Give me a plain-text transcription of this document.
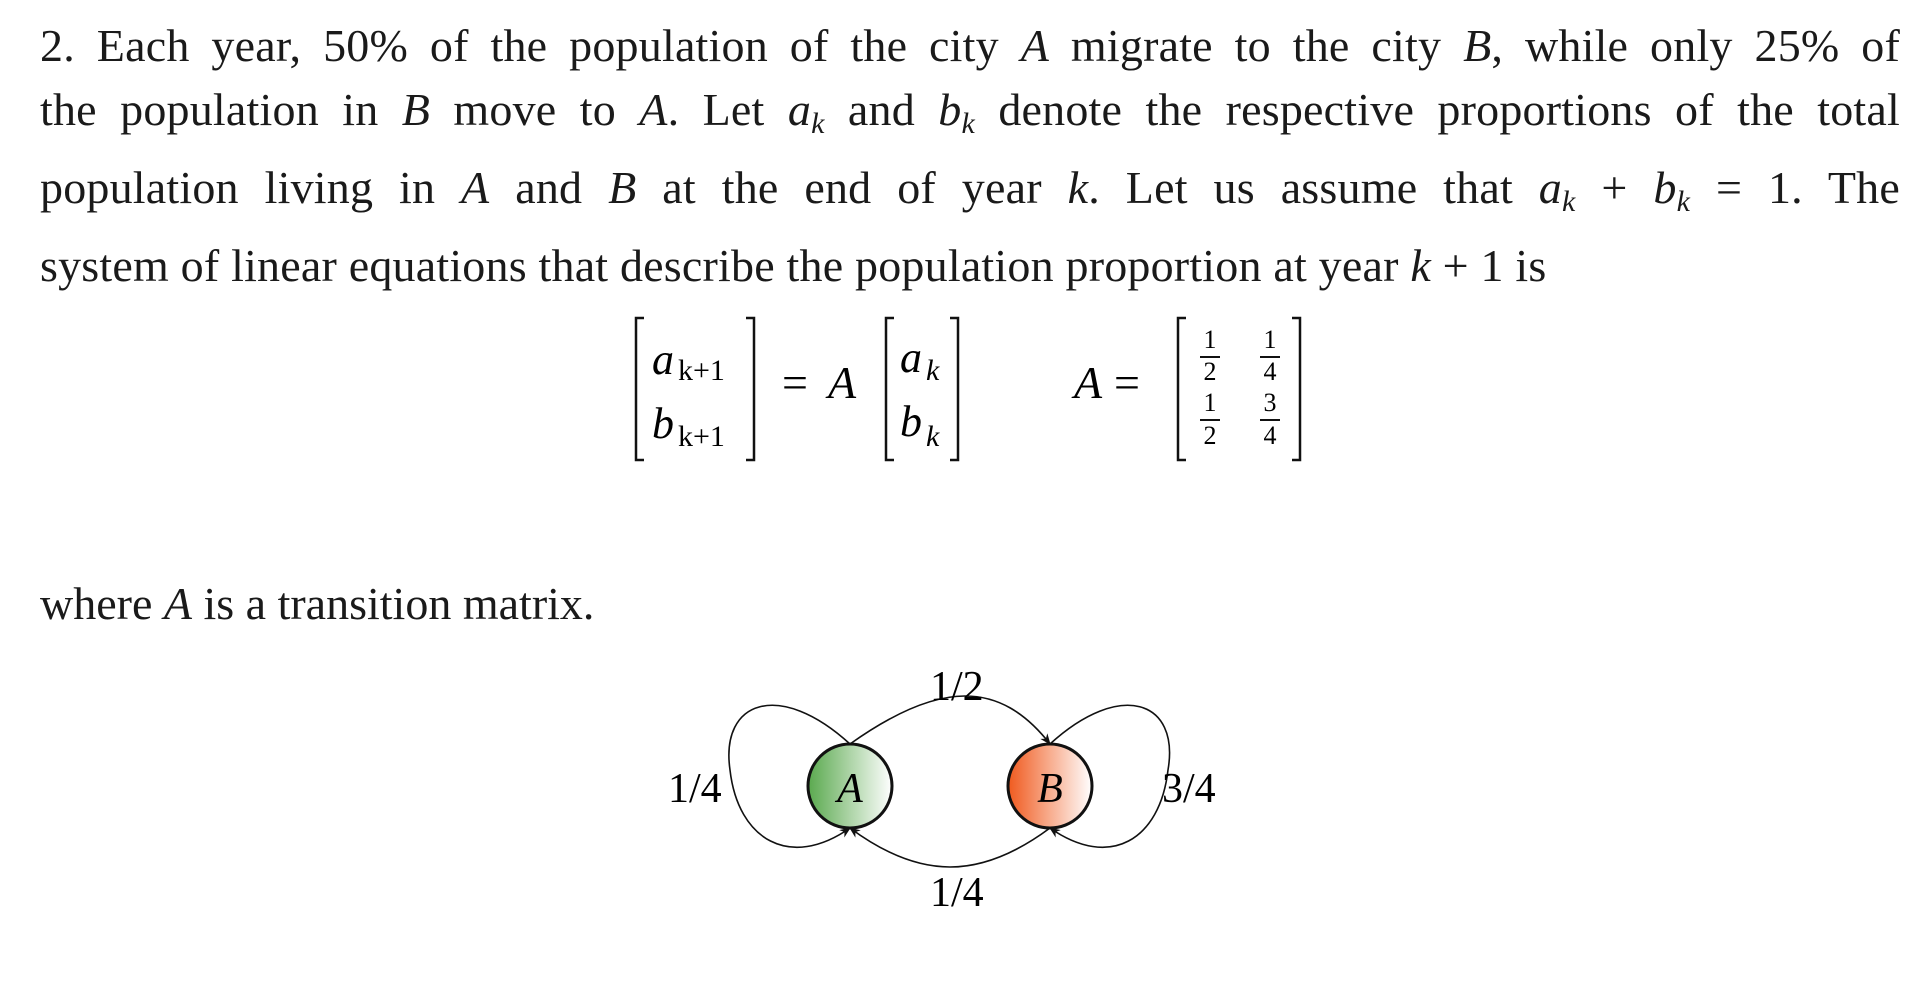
2. Each year, 50% of the population of the city A migrate to the city B, while only 25% of
the population in B move to A. Let $a_k$ and $b_k$ denote the respective proportions of the total
population living in A and B at the end of year k. Let us assume that $a_k + b_k = 1$. The
system of linear equations that describe the population proportion at year k + 1 is
a k+1
b k+1
= A a k
b k
A =
1
2
1
4
1
2
3
4
A	B
1/2
1/4
1/4	3/4
where A is a transition matrix.
